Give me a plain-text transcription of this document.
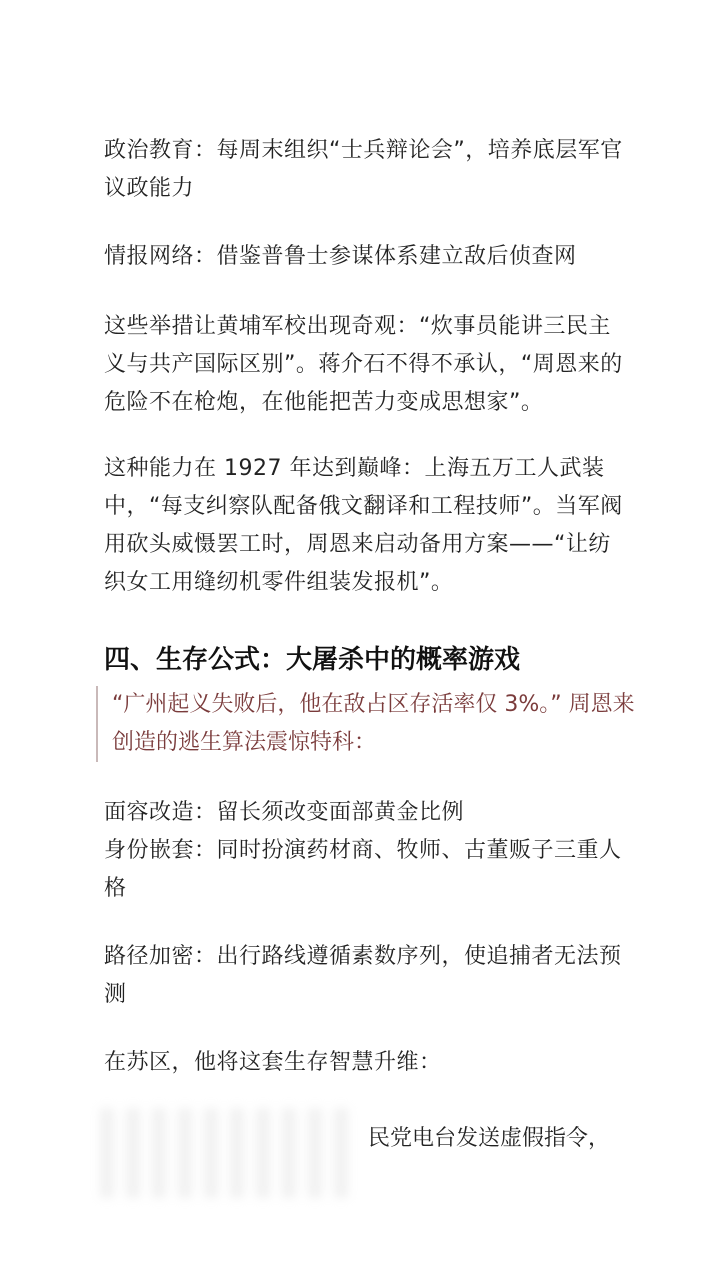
政治教育：每周末组织“士兵辩论会”，培养底层军官议政能力

情报网络：借鉴普鲁士参谋体系建立敌后侦查网

这些举措让黄埔军校出现奇观：“炊事员能讲三民主义与共产国际区别”。蒋介石不得不承认，“周恩来的危险不在枪炮，在他能把苦力变成思想家”。

这种能力在 1927 年达到巅峰：上海五万工人武装中，“每支纠察队配备俄文翻译和工程技师”。当军阀用砍头威慑罢工时，周恩来启动备用方案——“让纺织女工用缝纫机零件组装发报机”。

四、生存公式：大屠杀中的概率游戏

“广州起义失败后，他在敌占区存活率仅 3%。” 周恩来创造的逃生算法震惊特科：

面容改造：留长须改变面部黄金比例

身份嵌套：同时扮演药材商、牧师、古董贩子三重人格

路径加密：出行路线遵循素数序列，使追捕者无法预测

在苏区，他将这套生存智慧升维：

民党电台发送虚假指令，
